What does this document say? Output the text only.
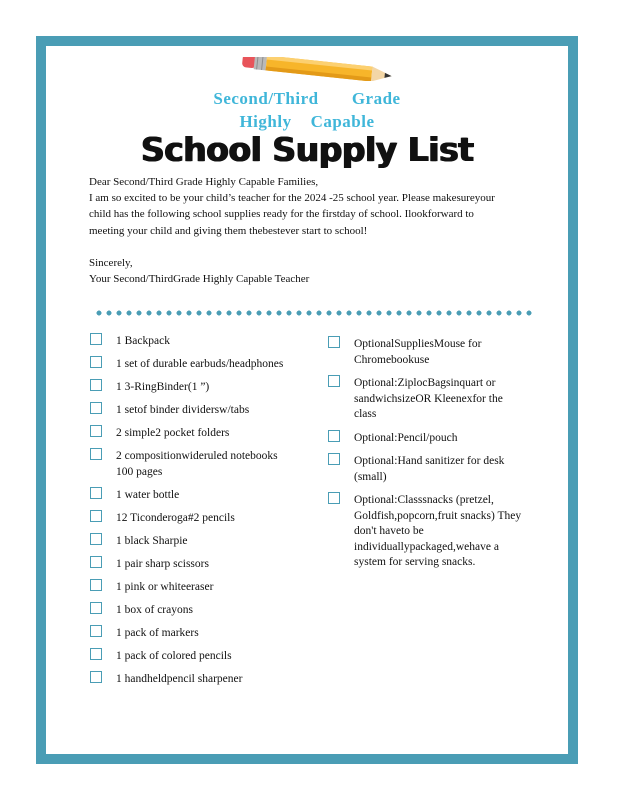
Second/Third       Grade

Highly    Capable

School Supply List

Dear Second/Third Grade Highly Capable Families,

I am so excited to be your child’s teacher for the 2024 -25 school year. Please makesureyour child has the following school supplies ready for the firstday of school. Ilookforward to meeting your child and giving them thebestever start to school!

Sincerely,

Your Second/ThirdGrade Highly Capable Teacher

1 Backpack
1 set of durable earbuds/headphones
1 3-RingBinder(1 ”)
1 setof binder dividersw/tabs
2 simple2 pocket folders
2 compositionwideruled notebooks 100 pages
1 water bottle
12 Ticonderoga#2 pencils
1 black Sharpie
1 pair sharp scissors
1 pink or whiteeraser
1 box of crayons
1 pack of markers
1 pack of colored pencils
1 handheldpencil sharpener
OptionalSuppliesMouse for Chromebookuse
Optional:ZiplocBagsinquart or sandwichsizeOR Kleenexfor the class
Optional:Pencil/pouch
Optional:Hand sanitizer for desk (small)
Optional:Classsnacks (pretzel, Goldfish,popcorn,fruit snacks) They don't haveto be individuallypackaged,wehave a system for serving snacks.
